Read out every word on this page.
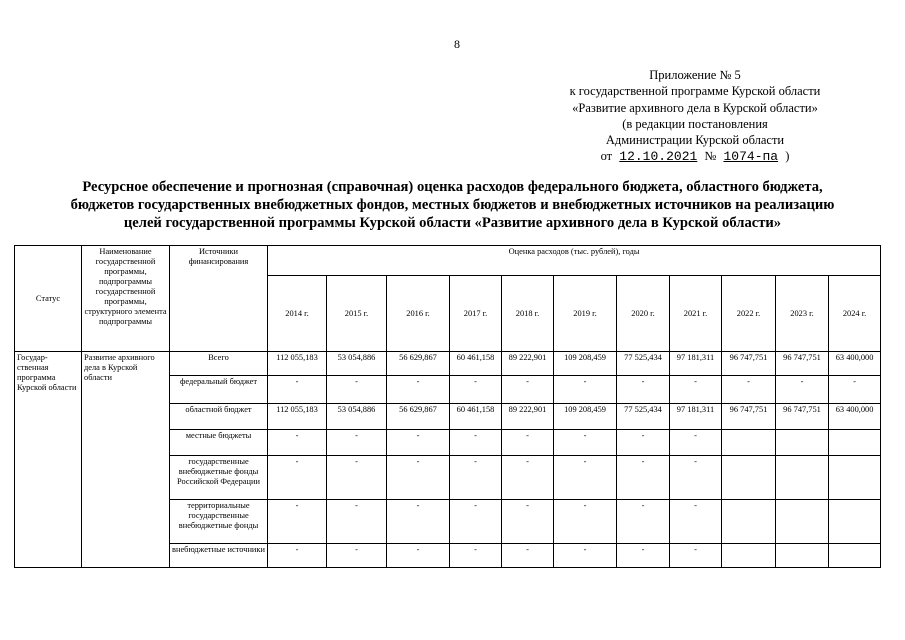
8
Приложение № 5
к государственной программе Курской области
«Развитие архивного дела в Курской области»
(в редакции постановления
Администрации Курской области
от 12.10.2021 № 1074-па )
Ресурсное обеспечение и прогнозная (справочная) оценка расходов федерального бюджета, областного бюджета,
бюджетов государственных внебюджетных фондов, местных бюджетов и внебюджетных источников на реализацию
целей государственной программы Курской области «Развитие архивного дела в Курской области»
Статус	Наименование государственной программы, подпрограммы государственной программы, структурного элемента подпрограммы	Источники финансирования	Оценка расходов (тыс. рублей), годы										
			2014 г.	2015 г.	2016 г.	2017 г.	2018 г.	2019 г.	2020 г.	2021 г.	2022 г.	2023 г.	2024 г.
Государ-ственная программа Курской области	Развитие архивного дела в Курской области	Всего	112 055,183	53 054,886	56 629,867	60 461,158	89 222,901	109 208,459	77 525,434	97 181,311	96 747,751	96 747,751	63 400,000
		федеральный бюджет	-	-	-	-	-	-	-	-	-	-	-
		областной бюджет	112 055,183	53 054,886	56 629,867	60 461,158	89 222,901	109 208,459	77 525,434	97 181,311	96 747,751	96 747,751	63 400,000
		местные бюджеты	-	-	-	-	-	-	-	-			
		государственные внебюджетные фонды Российской Федерации	-	-	-	-	-	-	-	-			
		территориальные государственные внебюджетные фонды	-	-	-	-	-	-	-	-			
		внебюджетные источники	-	-	-	-	-	-	-	-			
